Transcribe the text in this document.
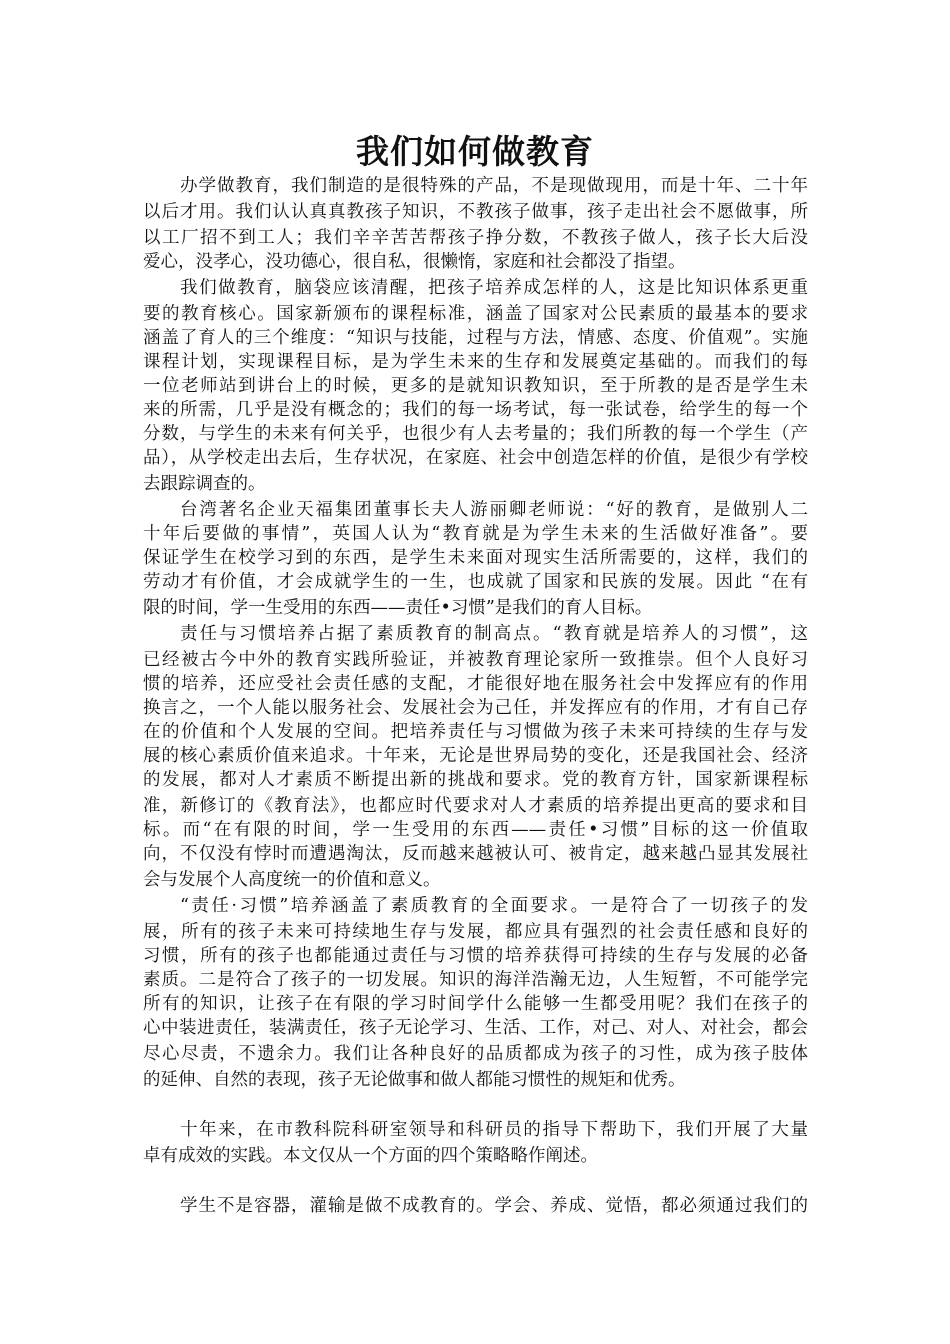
我们如何做教育
办学做教育，我们制造的是很特殊的产品，不是现做现用，而是十年、二十年
以后才用。我们认认真真教孩子知识，不教孩子做事，孩子走出社会不愿做事，所
以工厂招不到工人；我们辛辛苦苦帮孩子挣分数，不教孩子做人，孩子长大后没
爱心，没孝心，没功德心，很自私，很懒惰，家庭和社会都没了指望。
我们做教育，脑袋应该清醒，把孩子培养成怎样的人，这是比知识体系更重
要的教育核心。国家新颁布的课程标准，涵盖了国家对公民素质的最基本的要求
涵盖了育人的三个维度：“知识与技能，过程与方法，情感、态度、价值观”。实施
课程计划，实现课程目标，是为学生未来的生存和发展奠定基础的。而我们的每
一位老师站到讲台上的时候，更多的是就知识教知识，至于所教的是否是学生未
来的所需，几乎是没有概念的；我们的每一场考试，每一张试卷，给学生的每一个
分数，与学生的未来有何关乎，也很少有人去考量的；我们所教的每一个学生（产
品），从学校走出去后，生存状况，在家庭、社会中创造怎样的价值，是很少有学校
去跟踪调查的。
台湾著名企业天福集团董事长夫人游丽卿老师说：“好的教育，是做别人二
十年后要做的事情”，英国人认为“教育就是为学生未来的生活做好准备”。要
保证学生在校学习到的东西，是学生未来面对现实生活所需要的，这样，我们的
劳动才有价值，才会成就学生的一生，也成就了国家和民族的发展。因此 “在有
限的时间，学一生受用的东西——责任•习惯”是我们的育人目标。
责任与习惯培养占据了素质教育的制高点。“教育就是培养人的习惯”，这
已经被古今中外的教育实践所验证，并被教育理论家所一致推崇。但个人良好习
惯的培养，还应受社会责任感的支配，才能很好地在服务社会中发挥应有的作用
换言之，一个人能以服务社会、发展社会为己任，并发挥应有的作用，才有自己存
在的价值和个人发展的空间。把培养责任与习惯做为孩子未来可持续的生存与发
展的核心素质价值来追求。十年来，无论是世界局势的变化，还是我国社会、经济
的发展，都对人才素质不断提出新的挑战和要求。党的教育方针，国家新课程标
准，新修订的《教育法》，也都应时代要求对人才素质的培养提出更高的要求和目
标。而“在有限的时间，学一生受用的东西——责任•习惯”目标的这一价值取
向，不仅没有悖时而遭遇淘汰，反而越来越被认可、被肯定，越来越凸显其发展社
会与发展个人高度统一的价值和意义。
“责任·习惯”培养涵盖了素质教育的全面要求。一是符合了一切孩子的发
展，所有的孩子未来可持续地生存与发展，都应具有强烈的社会责任感和良好的
习惯，所有的孩子也都能通过责任与习惯的培养获得可持续的生存与发展的必备
素质。二是符合了孩子的一切发展。知识的海洋浩瀚无边，人生短暂，不可能学完
所有的知识，让孩子在有限的学习时间学什么能够一生都受用呢？我们在孩子的
心中装进责任，装满责任，孩子无论学习、生活、工作，对己、对人、对社会，都会
尽心尽责，不遗余力。我们让各种良好的品质都成为孩子的习性，成为孩子肢体
的延伸、自然的表现，孩子无论做事和做人都能习惯性的规矩和优秀。
十年来，在市教科院科研室领导和科研员的指导下帮助下，我们开展了大量
卓有成效的实践。本文仅从一个方面的四个策略略作阐述。
学生不是容器，灌输是做不成教育的。学会、养成、觉悟，都必须通过我们的
